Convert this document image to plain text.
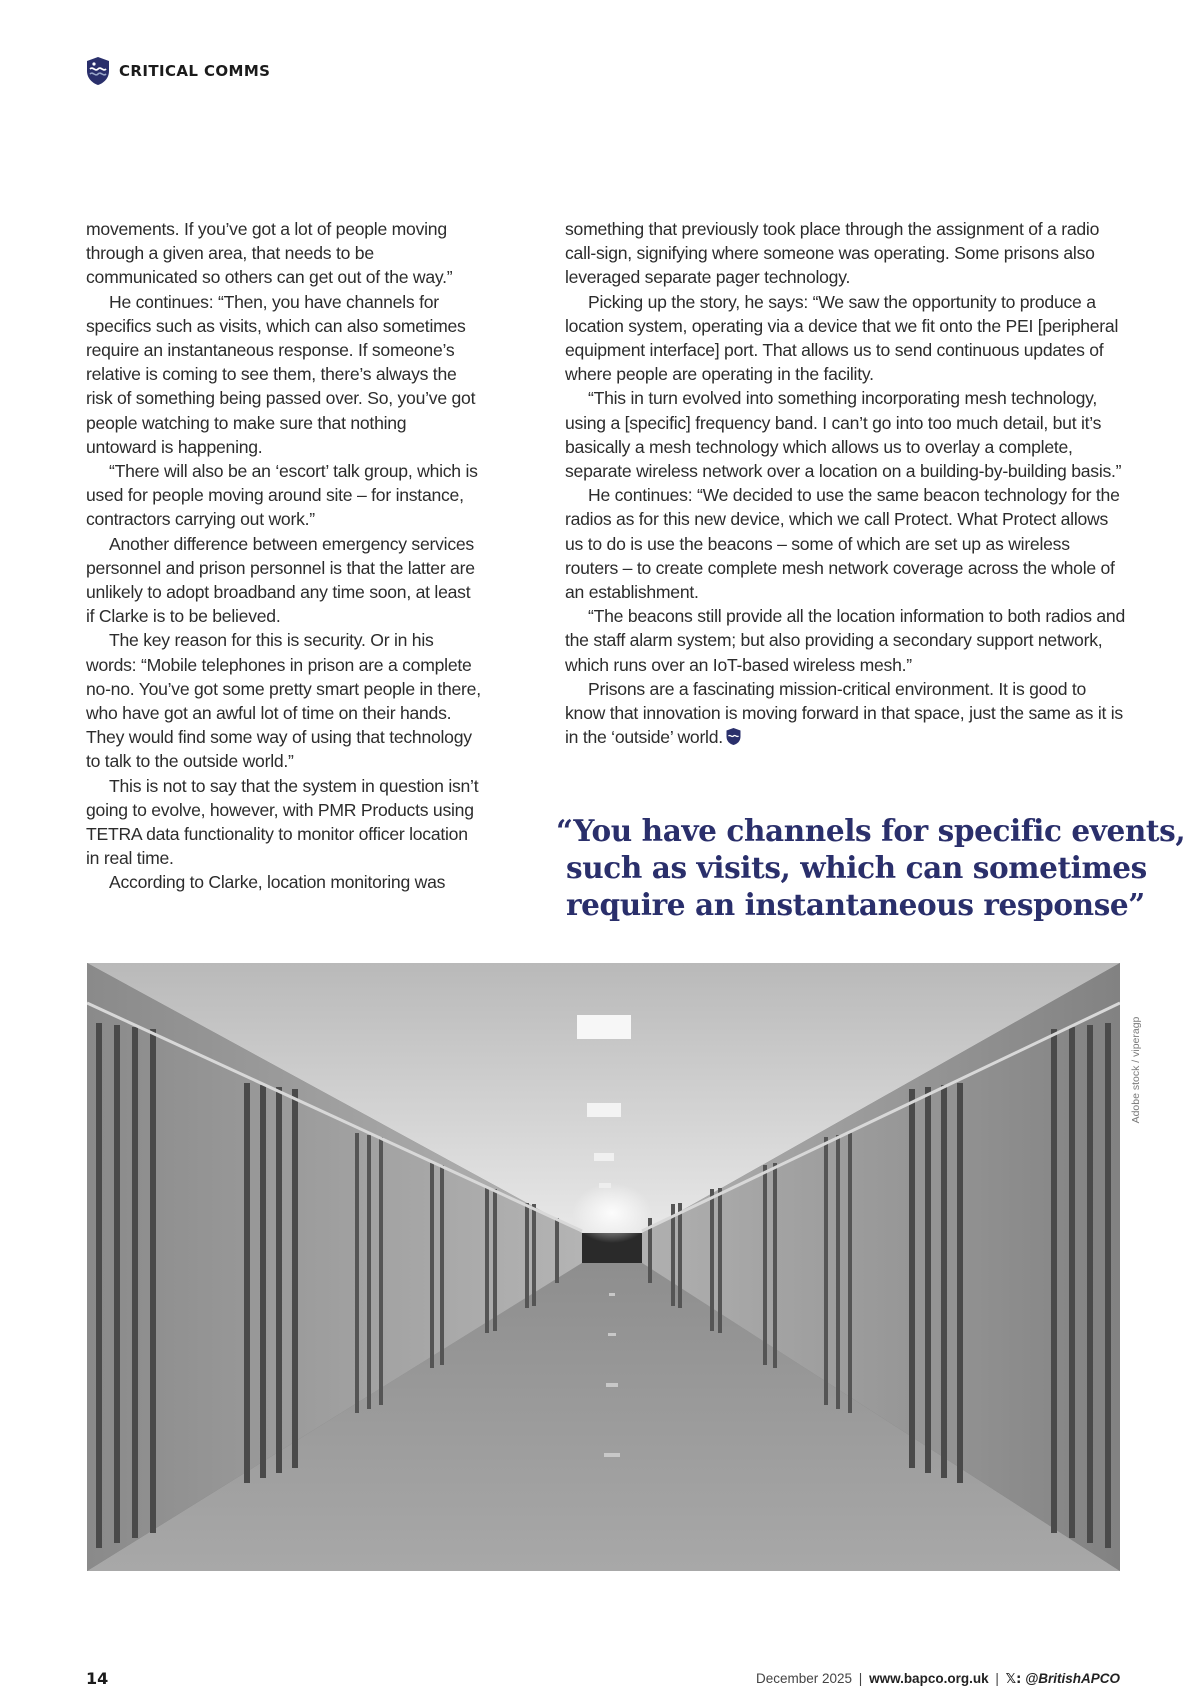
CRITICAL COMMS

movements. If you’ve got a lot of people moving through a given area, that needs to be communicated so others can get out of the way.”

He continues: “Then, you have channels for specifics such as visits, which can also sometimes require an instantaneous response. If someone’s relative is coming to see them, there’s always the risk of something being passed over. So, you’ve got people watching to make sure that nothing untoward is happening.

“There will also be an ‘escort’ talk group, which is used for people moving around site – for instance, contractors carrying out work.”

Another difference between emergency services personnel and prison personnel is that the latter are unlikely to adopt broadband any time soon, at least if Clarke is to be believed.

The key reason for this is security. Or in his words: “Mobile telephones in prison are a complete no-no. You’ve got some pretty smart people in there, who have got an awful lot of time on their hands. They would find some way of using that technology to talk to the outside world.”

This is not to say that the system in question isn’t going to evolve, however, with PMR Products using TETRA data functionality to monitor officer location in real time.

According to Clarke, location monitoring was

something that previously took place through the assignment of a radio call-sign, signifying where someone was operating. Some prisons also leveraged separate pager technology.

Picking up the story, he says: “We saw the opportunity to produce a location system, operating via a device that we fit onto the PEI [peripheral equipment interface] port. That allows us to send continuous updates of where people are operating in the facility.

“This in turn evolved into something incorporating mesh technology, using a [specific] frequency band. I can’t go into too much detail, but it’s basically a mesh technology which allows us to overlay a complete, separate wireless network over a location on a building-by-building basis.”

He continues: “We decided to use the same beacon technology for the radios as for this new device, which we call Protect. What Protect allows us to do is use the beacons – some of which are set up as wireless routers – to create complete mesh network coverage across the whole of an establishment.

“The beacons still provide all the location information to both radios and the staff alarm system; but also providing a secondary support network, which runs over an IoT-based wireless mesh.”

Prisons are a fascinating mission-critical environment. It is good to know that innovation is moving forward in that space, just the same as it is in the ‘outside’ world.

“You have channels for specific events,
such as visits, which can sometimes
require an instantaneous response”
Adobe stock / viperagp
14	December 2025 | www.bapco.org.uk | 𝕏: @BritishAPCO
